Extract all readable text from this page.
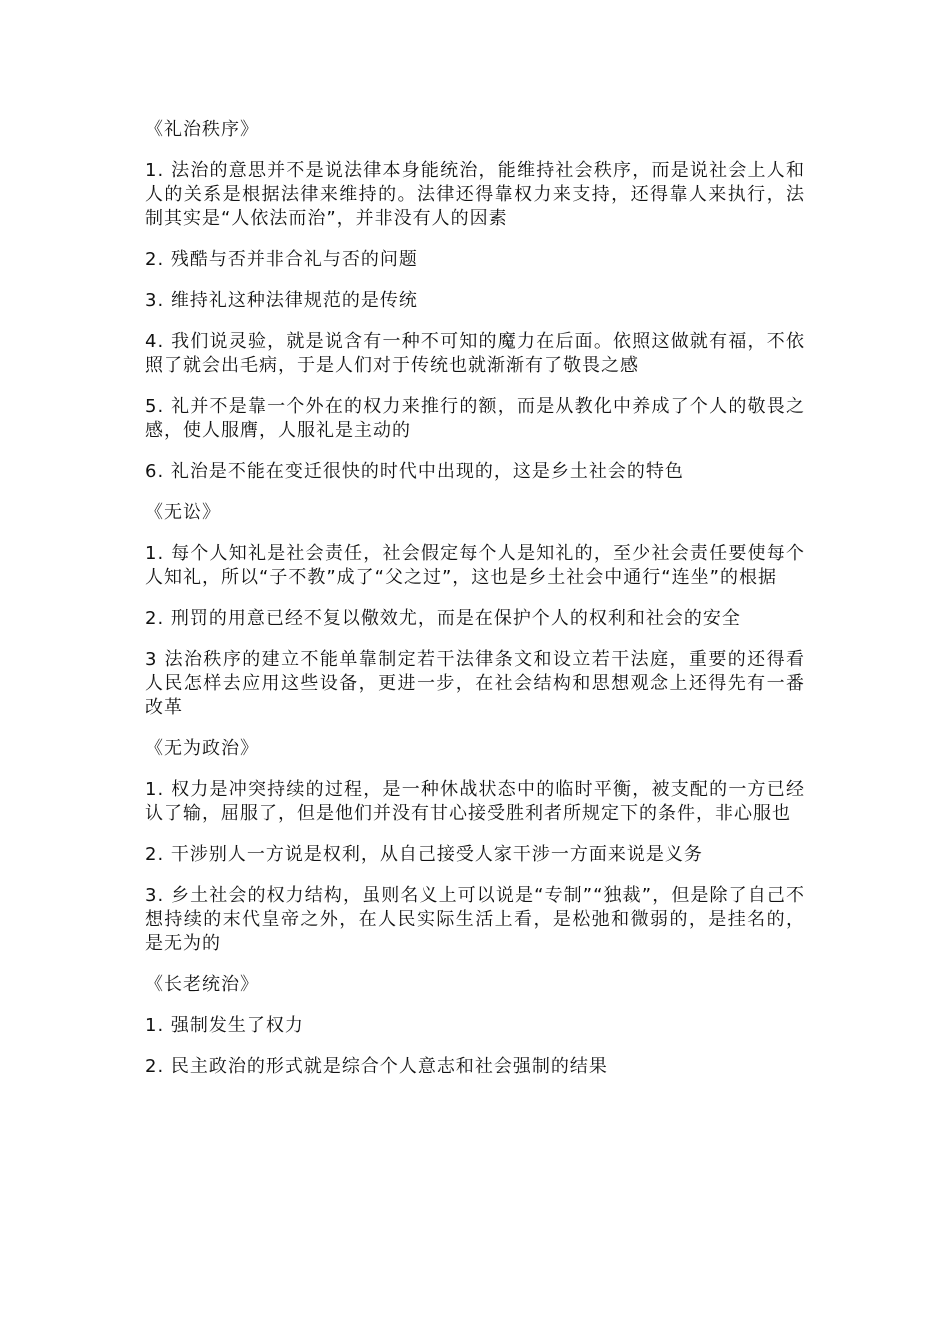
《礼治秩序》

1. 法治的意思并不是说法律本身能统治，能维持社会秩序，而是说社会上人和人的关系是根据法律来维持的。法律还得靠权力来支持，还得靠人来执行，法制其实是“人依法而治”，并非没有人的因素

2. 残酷与否并非合礼与否的问题

3. 维持礼这种法律规范的是传统

4. 我们说灵验，就是说含有一种不可知的魔力在后面。依照这做就有福，不依照了就会出毛病，于是人们对于传统也就渐渐有了敬畏之感

5. 礼并不是靠一个外在的权力来推行的额，而是从教化中养成了个人的敬畏之感，使人服膺，人服礼是主动的

6. 礼治是不能在变迁很快的时代中出现的，这是乡土社会的特色

《无讼》

1. 每个人知礼是社会责任，社会假定每个人是知礼的，至少社会责任要使每个人知礼，所以“子不教”成了“父之过”，这也是乡土社会中通行“连坐”的根据

2. 刑罚的用意已经不复以儆效尤，而是在保护个人的权利和社会的安全

3 法治秩序的建立不能单靠制定若干法律条文和设立若干法庭，重要的还得看人民怎样去应用这些设备，更进一步，在社会结构和思想观念上还得先有一番改革

《无为政治》

1. 权力是冲突持续的过程，是一种休战状态中的临时平衡，被支配的一方已经认了输，屈服了，但是他们并没有甘心接受胜利者所规定下的条件，非心服也

2. 干涉别人一方说是权利，从自己接受人家干涉一方面来说是义务

3. 乡土社会的权力结构，虽则名义上可以说是“专制”“独裁”，但是除了自己不想持续的末代皇帝之外，在人民实际生活上看，是松弛和微弱的，是挂名的，是无为的

《长老统治》

1. 强制发生了权力

2. 民主政治的形式就是综合个人意志和社会强制的结果
